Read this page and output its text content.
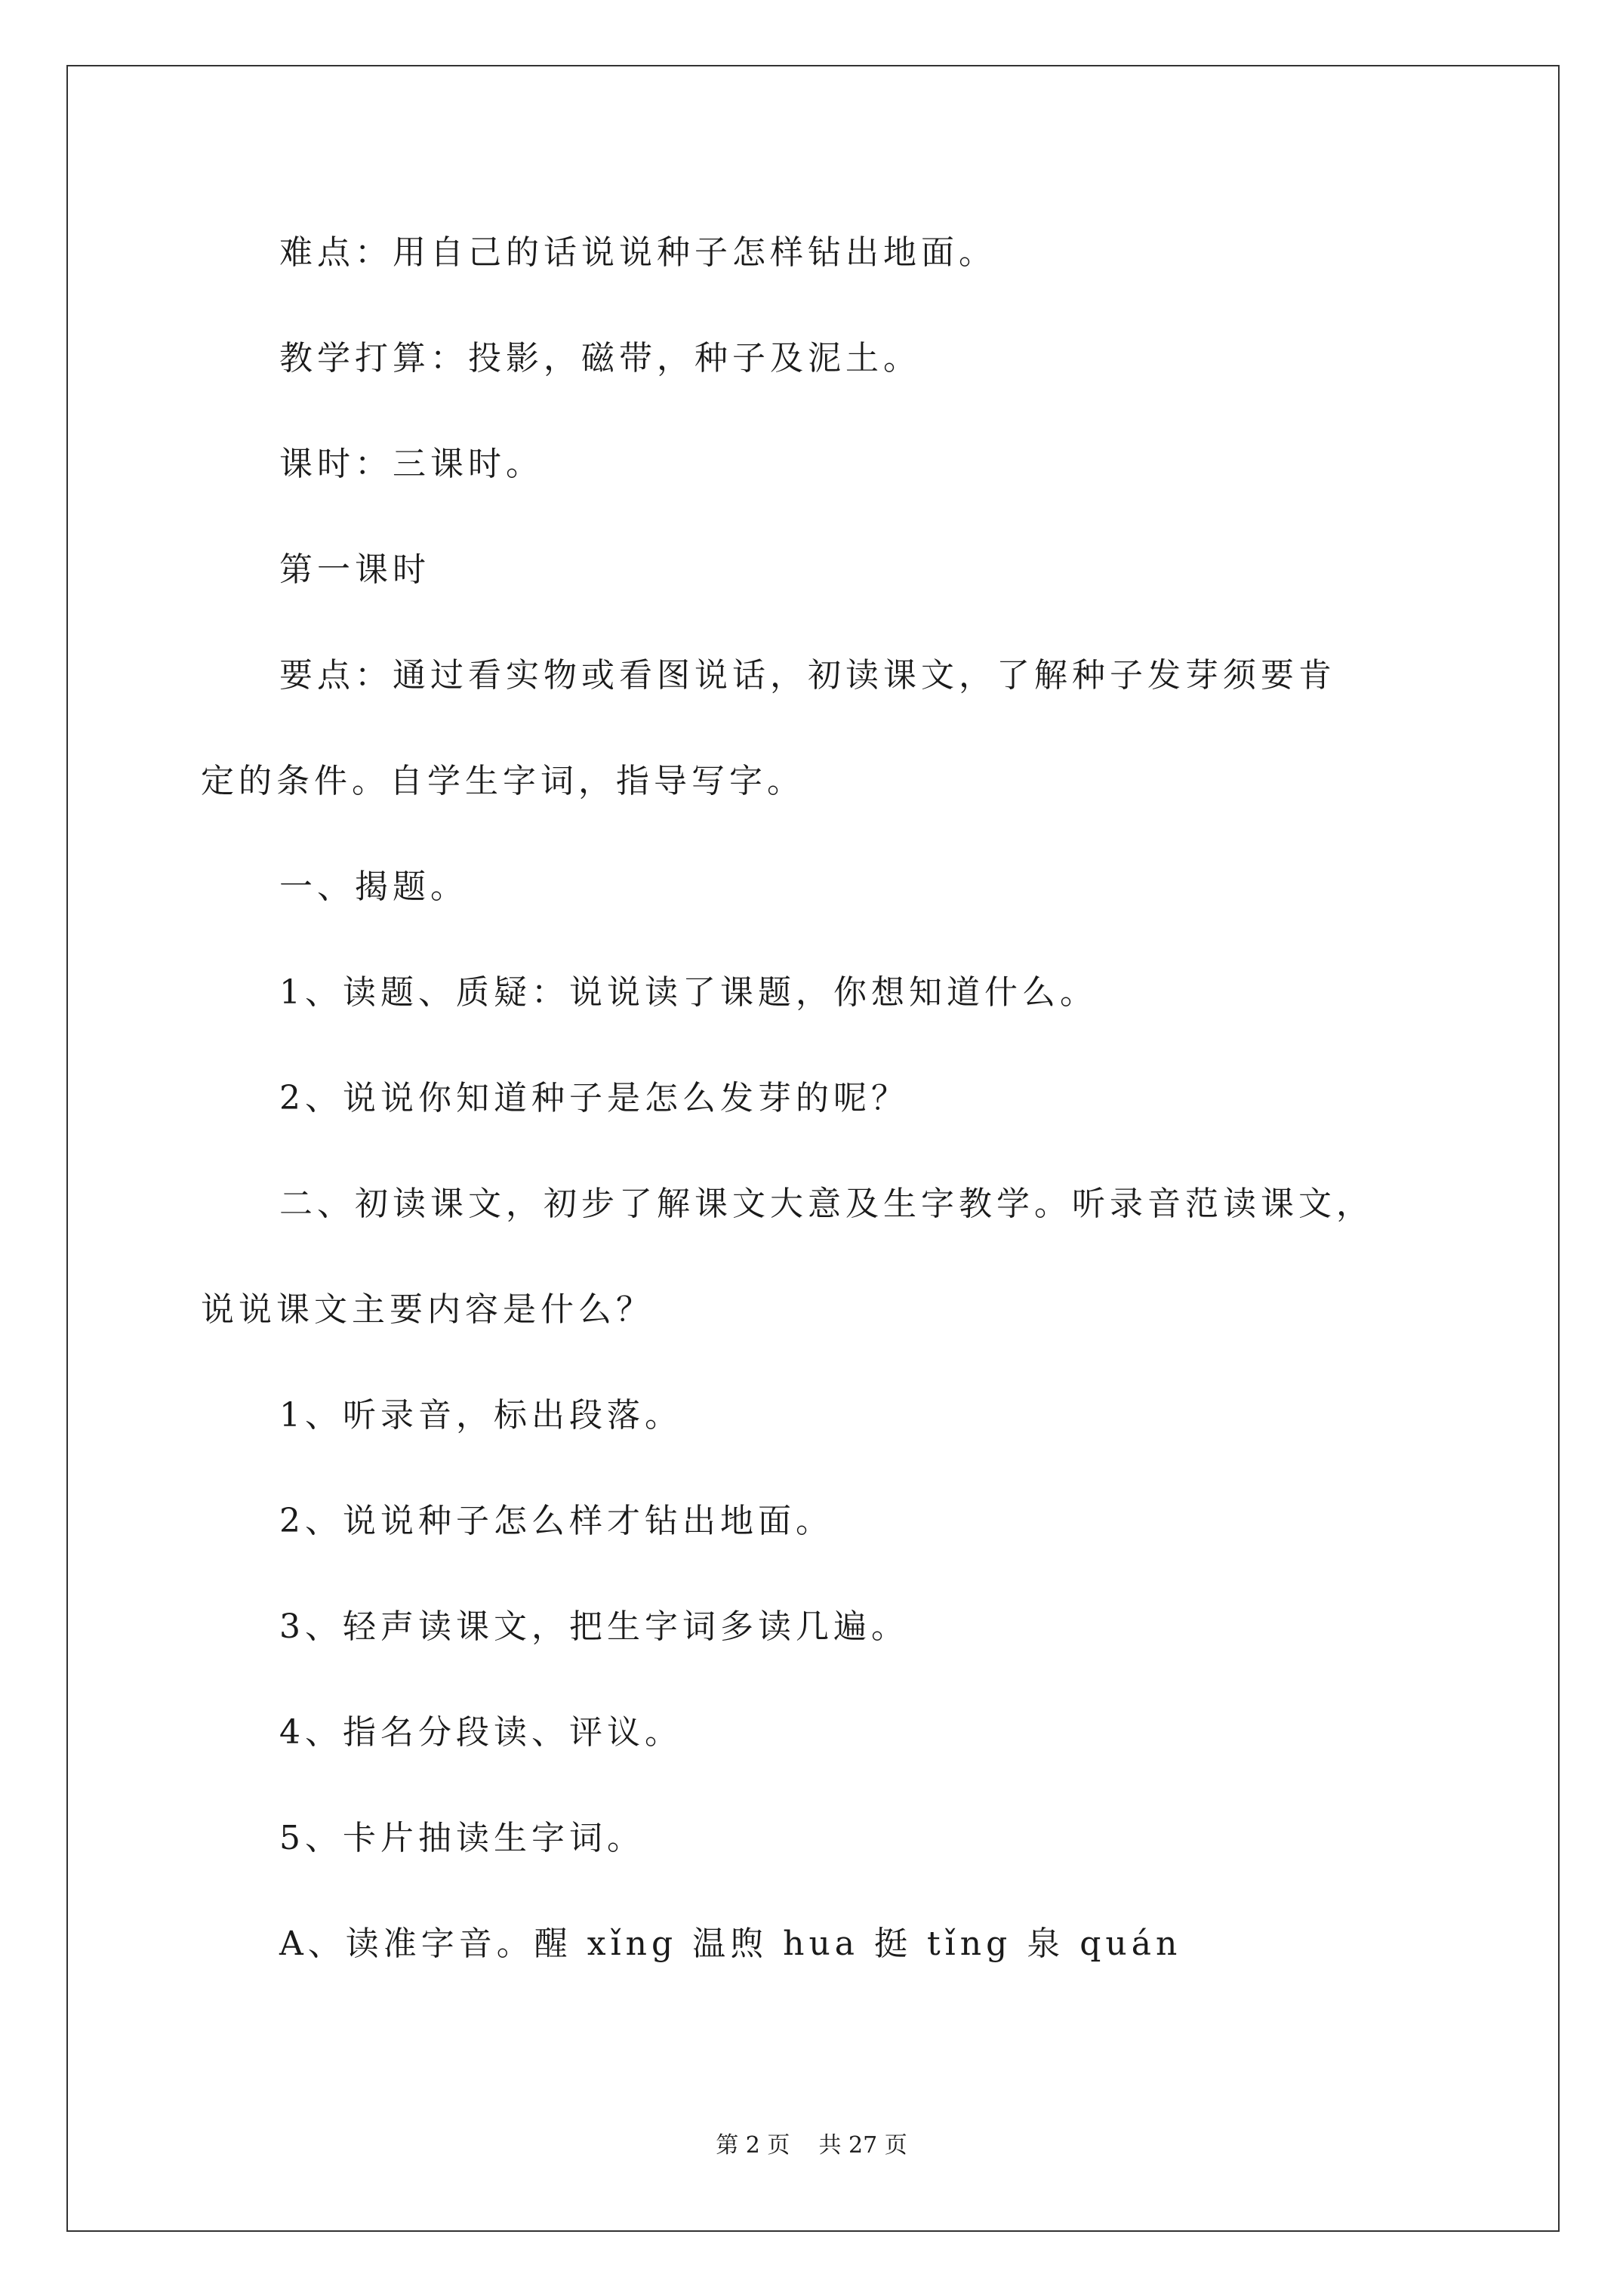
难点：用自己的话说说种子怎样钻出地面。
教学打算：投影，磁带，种子及泥土。
课时：三课时。
第一课时
要点：通过看实物或看图说话，初读课文，了解种子发芽须要肯
定的条件。自学生字词，指导写字。
一、揭题。
1、读题、质疑：说说读了课题，你想知道什么。
2、说说你知道种子是怎么发芽的呢？
二、初读课文，初步了解课文大意及生字教学。听录音范读课文，
说说课文主要内容是什么？
1、听录音，标出段落。
2、说说种子怎么样才钻出地面。
3、轻声读课文，把生字词多读几遍。
4、指名分段读、评议。
5、卡片抽读生字词。
A、读准字音。醒 xǐng 温煦 hua 挺 tǐng 泉 quán
第 2 页    共 27 页
